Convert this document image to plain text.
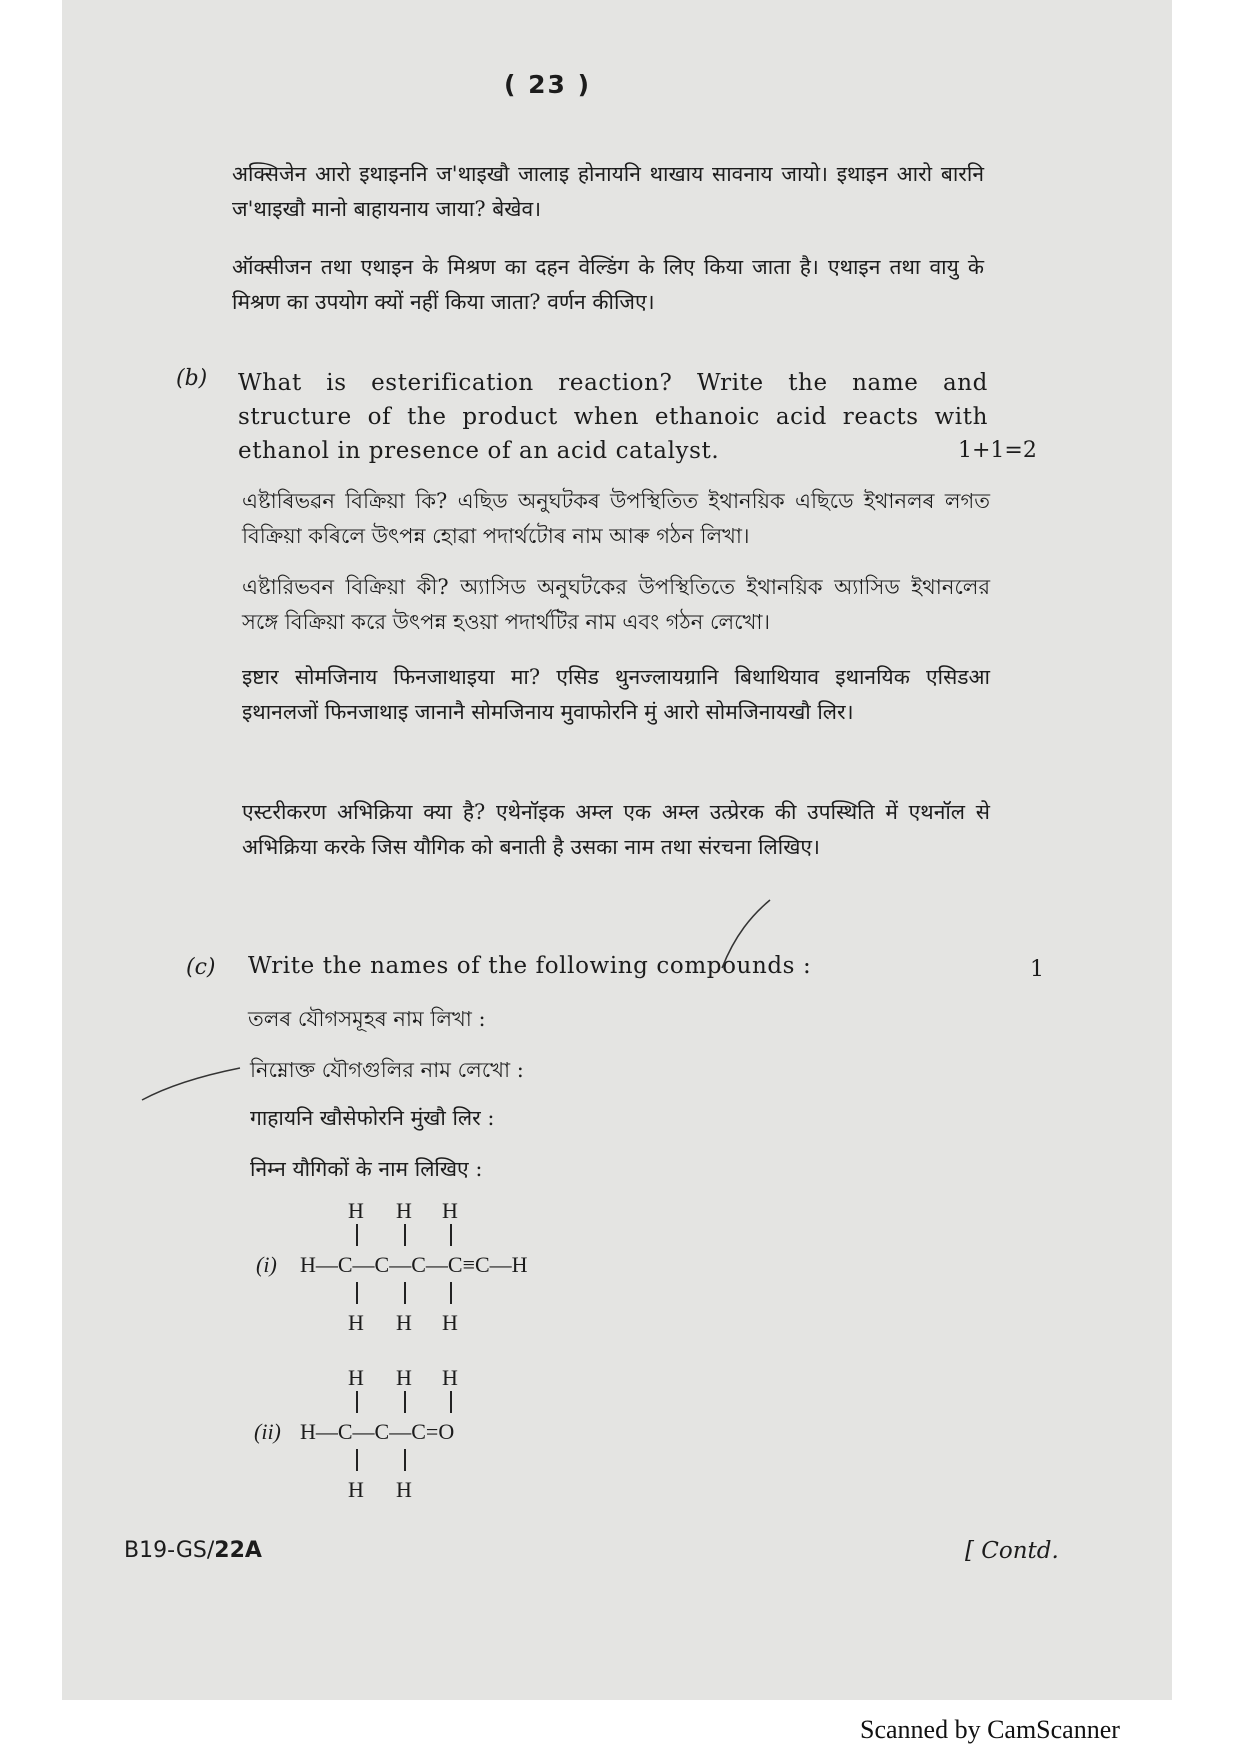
( 23 )
अक्सिजेन आरो इथाइननि ज'थाइखौ जालाइ होनायनि थाखाय सावनाय जायो। इथाइन आरो बारनि ज'थाइखौ मानो बाहायनाय जाया? बेखेव।
ऑक्सीजन तथा एथाइन के मिश्रण का दहन वेल्डिंग के लिए किया जाता है। एथाइन तथा वायु के मिश्रण का उपयोग क्यों नहीं किया जाता? वर्णन कीजिए।
(b) What is esterification reaction? Write the name and structure of the product when ethanoic acid reacts with ethanol in presence of an acid catalyst.	1+1=2
এষ্টাৰিভৱন বিক্ৰিয়া কি? এছিড অনুঘটকৰ উপস্থিতিত ইথানয়িক এছিডে ইথানলৰ লগত বিক্ৰিয়া কৰিলে উৎপন্ন হোৱা পদাৰ্থটোৰ নাম আৰু গঠন লিখা।
এষ্টারিভবন বিক্রিয়া কী? অ্যাসিড অনুঘটকের উপস্থিতিতে ইথানয়িক অ্যাসিড ইথানলের সঙ্গে বিক্রিয়া করে উৎপন্ন হওয়া পদার্থটির নাম এবং গঠন লেখো।
इष्टार सोमजिनाय फिनजाथाइया मा? एसिड थुनज्लायग्रानि बिथाथियाव इथानयिक एसिडआ इथानलजों फिनजाथाइ जानानै सोमजिनाय मुवाफोरनि मुं आरो सोमजिनायखौ लिर।
एस्टरीकरण अभिक्रिया क्या है? एथेनॉइक अम्ल एक अम्ल उत्प्रेरक की उपस्थिति में एथनॉल से अभिक्रिया करके जिस यौगिक को बनाती है उसका नाम तथा संरचना लिखिए।
(c) Write the names of the following compounds :	1
তলৰ যৌগসমূহৰ নাম লিখা :
নিম্নোক্ত যৌগগুলির নাম লেখো :
गाहायनि खौसेफोरनि मुंखौ लिर :
निम्न यौगिकों के नाम लिखिए :
H H H
(i) H—C—C—C—C≡C—H
H H H
H H H
(ii) H—C—C—C=O
H H
B19-GS/22A	[ Contd.
Scanned by CamScanner
